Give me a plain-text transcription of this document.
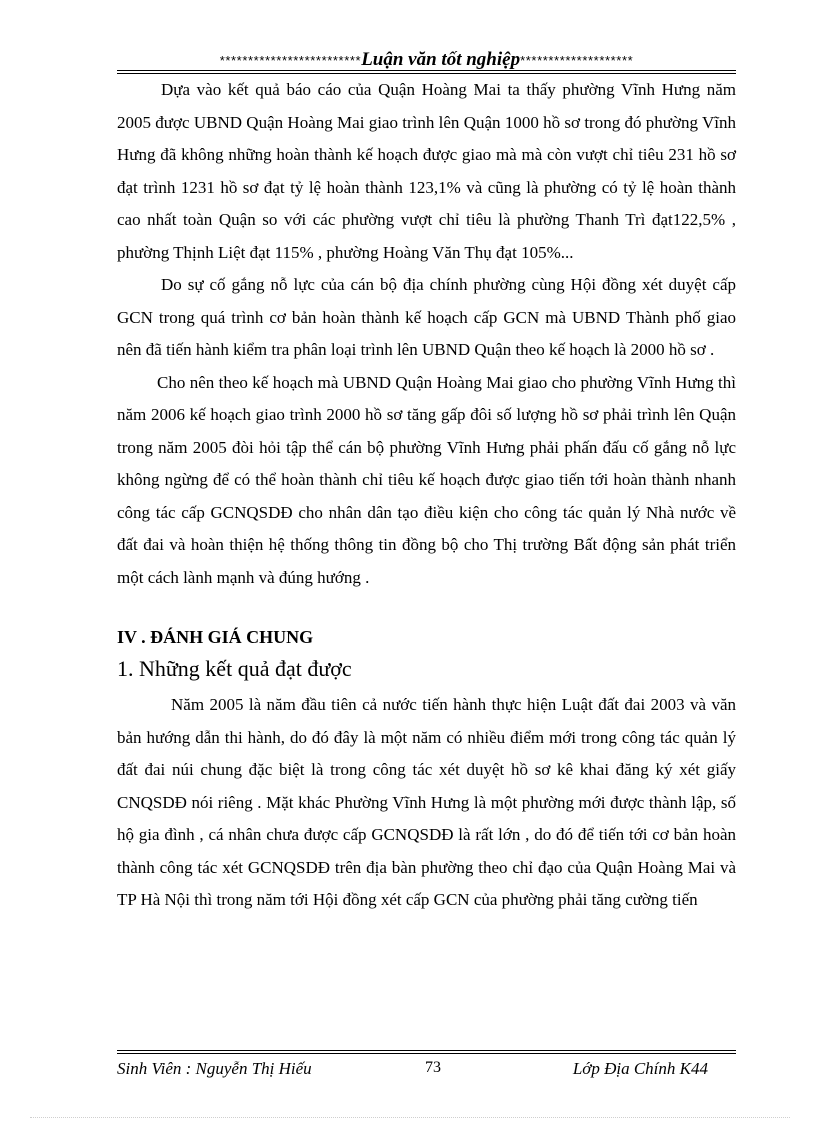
*************************Luận văn tốt nghiệp********************

Dựa vào kết quả báo cáo của Quận Hoàng Mai ta thấy phường Vĩnh Hưng năm 2005 được UBND Quận Hoàng Mai giao trình lên Quận 1000 hồ sơ trong đó phường Vĩnh Hưng đã không những hoàn thành kế hoạch được giao mà mà còn vượt chỉ tiêu 231 hồ sơ đạt trình 1231 hồ sơ đạt tỷ lệ hoàn thành 123,1% và cũng là phường có tỷ lệ hoàn thành cao nhất toàn Quận so với các phường vượt chỉ tiêu là phường Thanh Trì đạt122,5% , phường Thịnh Liệt đạt 115% , phường Hoàng Văn Thụ đạt 105%...

Do sự cố gắng nỗ lực của cán bộ địa chính phường cùng Hội đồng xét duyệt cấp GCN trong quá trình cơ bản hoàn thành kế hoạch cấp GCN mà UBND Thành phố giao nên đã tiến hành kiểm tra phân loại trình lên UBND Quận theo kế hoạch là 2000 hồ sơ .

Cho nên theo kế hoạch mà UBND Quận Hoàng Mai giao cho phường Vĩnh Hưng thì năm 2006 kế hoạch giao trình 2000 hồ sơ tăng gấp đôi số lượng hồ sơ phải trình lên Quận trong năm 2005 đòi hỏi tập thể cán bộ phường Vĩnh Hưng phải phấn đấu cố gắng nỗ lực không ngừng để có thể hoàn thành chỉ tiêu kế hoạch được giao tiến tới hoàn thành nhanh công tác cấp GCNQSDĐ cho nhân dân tạo điều kiện cho công tác quản lý Nhà nước về đất đai và hoàn thiện hệ thống thông tin đồng bộ cho Thị trường Bất động sản phát triển một cách lành mạnh và đúng hướng .

IV . ĐÁNH GIÁ CHUNG
1. Những kết quả đạt được

Năm 2005 là năm đầu tiên cả nước tiến hành thực hiện Luật đất đai 2003 và văn bản hướng dẫn thi hành, do đó đây là một năm có nhiều điểm mới trong công tác quản lý đất đai núi chung đặc biệt là trong công tác xét duyệt hồ sơ kê khai đăng ký xét giấy CNQSDĐ nói riêng . Mặt khác Phường Vĩnh Hưng là một phường mới được thành lập, số hộ gia đình , cá nhân chưa được cấp GCNQSDĐ là rất lớn , do đó để tiến tới cơ bản hoàn thành công tác xét GCNQSDĐ trên địa bàn phường theo chỉ đạo của Quận Hoàng Mai và TP Hà Nội thì trong năm tới Hội đồng xét cấp GCN của phường phải tăng cường tiến

Sinh Viên : Nguyễn Thị Hiếu	73	Lớp Địa Chính K44
